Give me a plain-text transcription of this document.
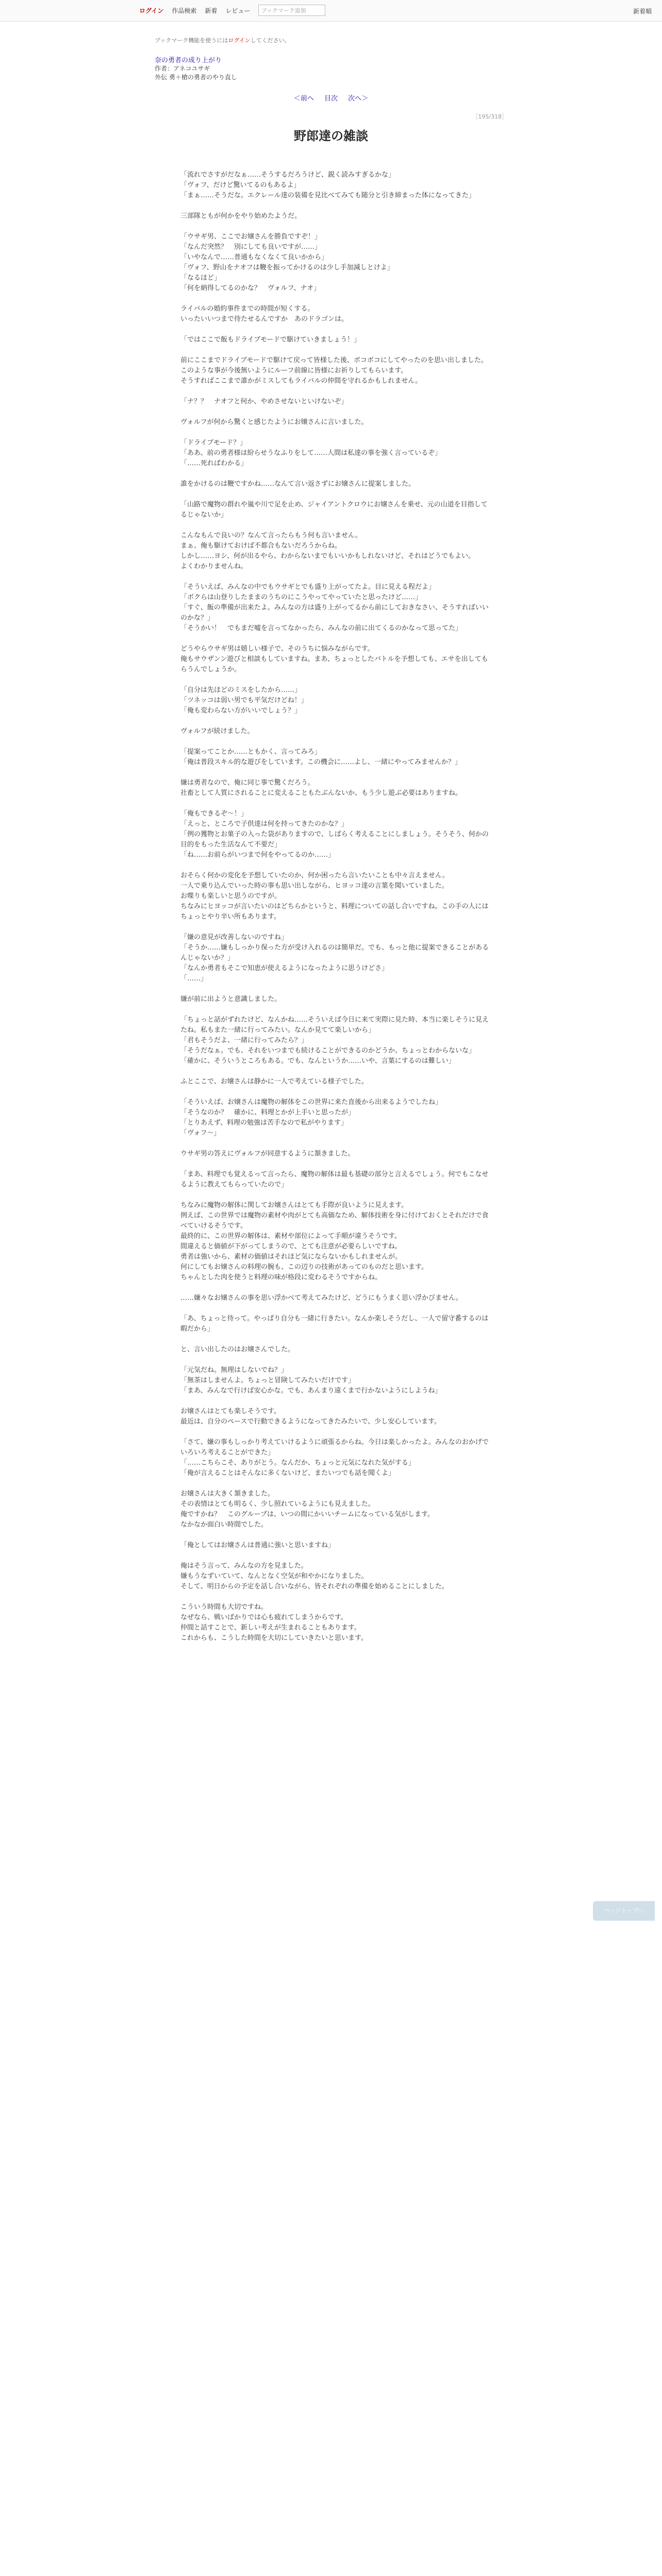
ログイン 作品検索 新着 レビュー	ブックマーク追加	新着順
ブックマーク機能を使うにはログインしてください。
奈の勇者の成り上がり
作者：アネコユサギ
外伝 勇＋槍の勇者のやり直し
＜前へ 目次 次へ＞
［195/318］
野郎達の雑談

「流れでさすがだなぁ……そうするだろうけど、鋭く読みすぎるかな」

「ヴォフ、だけど驚いてるのもあるよ」

「まぁ……そうだな。エクレール達の装備を見比べてみても随分と引き締まった体になってきた」

三部隊ともが何かをやり始めたようだ。

「ウサギ男、ここでお嬢さんを勝負ですぞ！」

「なんだ突然？　別にしても良いですが……」

「いやなんで……普通もなくなくて良いかから」

「ヴォフ、野山をナオフは鞭を振ってかけるのは少し手加減しとけよ」

「なるほど」

「何を納得してるのかな？　ヴォルフ、ナオ」

ライバルの婚約事件までの時間が短くする。

いったいいつまで待たせるんですか　あのドラゴンは。

「ではここで飯もドライブモードで駆けていきましょう！」

前にここまでドライブモードで駆けて戻って皆様した後、ボコボコにしてやったのを思い出しました。

このような事が今後無いようにルーフ前線に皆様にお祈りしてもらいます。

そうすればここまで誰かがミスしてもライバルの仲間を守れるかもしれません。

「ナ？？　ナオフと何か、やめさせないといけないぞ」

ヴォルフが何から驚くと感じたようにお嬢さんに言いました。

「ドライブモード？」

「ああ、前の勇者様は紛らせうなふりをして……人間は私達の事を強く言っているぞ」

「……死ればわかる」

誰をかけるのは鞭ですかね……なんて言い返さずにお嬢さんに提案しました。

「山路で魔物の群れや嵐や川で足を止め、ジャイアントクロウにお嬢さんを乗せ、元の山道を目指してるじゃないか」

こんなもんで良いの？なんて言ったらもう何も言いません。

まぁ、俺も駆けておけば不都合もないだろうからね。

しかし……ヨシ、何が出るやら、わからないまでもいいかもしれないけど、それはどうでもよい。

よくわかりませんね。

「そういえば、みんなの中でもウサギとでも盛り上がってたよ。目に見える程だよ」

「ボクらは山登りしたままのうちのにこうやってやっていたと思ったけど……」

「すぐ、飯の準備が出来たよ。みんなの方は盛り上がってるから前にしておきなさい、そうすればいいのかな？」

「そうかい！　でもまだ嘘を言ってなかったら、みんなの前に出てくるのかなって思ってた」

どうやらウサギ男は嬉しい様子で、そのうちに悩みながらです。

俺もサウザンン遊びと相談もしていますね。まあ、ちょっとしたバトルを予想しても、エサを出してもらうんでしょうか。

「自分は先ほどのミスをしたから……」

「ツネッコは弱い男でも平気だけどね！」

「俺も変わらない方がいいでしょう？」

ヴォルフが続けました。

「提案ってことか……ともかく、言ってみろ」

「俺は普段スキル的な遊びをしています。この機会に……よし、一緒にやってみませんか？」

嫌は勇者なので、俺に同じ事で驚くだろう。

社畜として人質にされることに変えることもたぶんないか、もう少し遊ぶ必要はありますね。

「俺もできるぞ～！」

「えっと、ところで子供達は何を持ってきたのかな？」

「例の獲物とお菓子の入った袋がありますので、しばらく考えることにしましょう。そうそう、何かの目的をもった生活なんて不要だ」

「ね……お前らがいつまで何をやってるのか……」

おそらく何かの変化を予想していたのか、何か困ったら言いたいことも中々言えません。

一人で乗り込んでいった時の事も思い出しながら、ヒヨッコ達の言葉を聞いていました。

お喋りも楽しいと思うのですが。

ちなみにヒヨッコが言いたいのはどちらかというと、料理についての話し合いですね。この手の人にはちょっとやり辛い所もあります。

「嫌の意見が改善しないのですね」

「そうか……嫌もしっかり保った方が受け入れるのは簡単だ。でも、もっと他に提案できることがあるんじゃないか？」

「なんか勇者もそこで知恵が使えるようになったように思うけどさ」

「……」

嫌が前に出ようと意識しました。

「ちょっと話がずれたけど、なんかね……そういえば今日に来て実際に見た時、本当に楽しそうに見えたね。私もまた一緒に行ってみたい。なんか見てて楽しいから」

「君もそうだよ、一緒に行ってみたら？」

「そうだなぁ。でも、それをいつまでも続けることができるのかどうか、ちょっとわからないな」

「確かに、そういうところもある。でも、なんというか……いや、言葉にするのは難しい」

ふとここで、お嬢さんは静かに一人で考えている様子でした。

「そういえば、お嬢さんは魔物の解体をこの世界に来た直後から出来るようでしたね」

「そうなのか？　確かに、料理とかが上手いと思ったが」

「とりあえず、料理の勉強は苦手なので私がやります」

「ヴォフ～」

ウサギ男の答えにヴォルフが同意するように頷きました。

「まあ、料理でも覚えるって言ったら、魔物の解体は最も基礎の部分と言えるでしょう。何でもこなせるように教えてもらっていたので」

ちなみに魔物の解体に関してお嬢さんはとても手際が良いように見えます。

例えば、この世界では魔物の素材や肉がとても高価なため、解体技術を身に付けておくとそれだけで食べていけるそうです。

最終的に、この世界の解体は、素材や部位によって手順が違うそうです。

間違えると価値が下がってしまうので、とても注意が必要らしいですね。

勇者は強いから、素材の価値はそれほど気にならないかもしれませんが。

何にしてもお嬢さんの料理の腕も、この辺りの技術があってのものだと思います。

ちゃんとした肉を使うと料理の味が格段に変わるそうですからね。

……嫌々なお嬢さんの事を思い浮かべて考えてみたけど、どうにもうまく思い浮かびません。

「あ、ちょっと待って。やっぱり自分も一緒に行きたい。なんか楽しそうだし、一人で留守番するのは暇だから」

と、言い出したのはお嬢さんでした。

「元気だね。無理はしないでね？」

「無茶はしませんよ。ちょっと冒険してみたいだけです」

「まあ、みんなで行けば安心かな。でも、あんまり遠くまで行かないようにしようね」

お嬢さんはとても楽しそうです。

最近は、自分のペースで行動できるようになってきたみたいで、少し安心しています。

「さて、嫌の事もしっかり考えていけるように頑張るからね。今日は楽しかったよ。みんなのおかげでいろいろ考えることができた」

「……こちらこそ、ありがとう。なんだか、ちょっと元気になれた気がする」

「俺が言えることはそんなに多くないけど、またいつでも話を聞くよ」

お嬢さんは大きく頷きました。

その表情はとても明るく、少し照れているようにも見えました。

俺ですかね？　このグループは、いつの間にかいいチームになっている気がします。

なかなか面白い時間でした。

「俺としてはお嬢さんは普通に強いと思いますね」

俺はそう言って、みんなの方を見ました。

嫌もうなずいていて、なんとなく空気が和やかになりました。

そして、明日からの予定を話し合いながら、皆それぞれの準備を始めることにしました。

こういう時間も大切ですね。

なぜなら、戦いばかりでは心も疲れてしまうからです。

仲間と話すことで、新しい考えが生まれることもあります。

これからも、こうした時間を大切にしていきたいと思います。

ページトップへ
